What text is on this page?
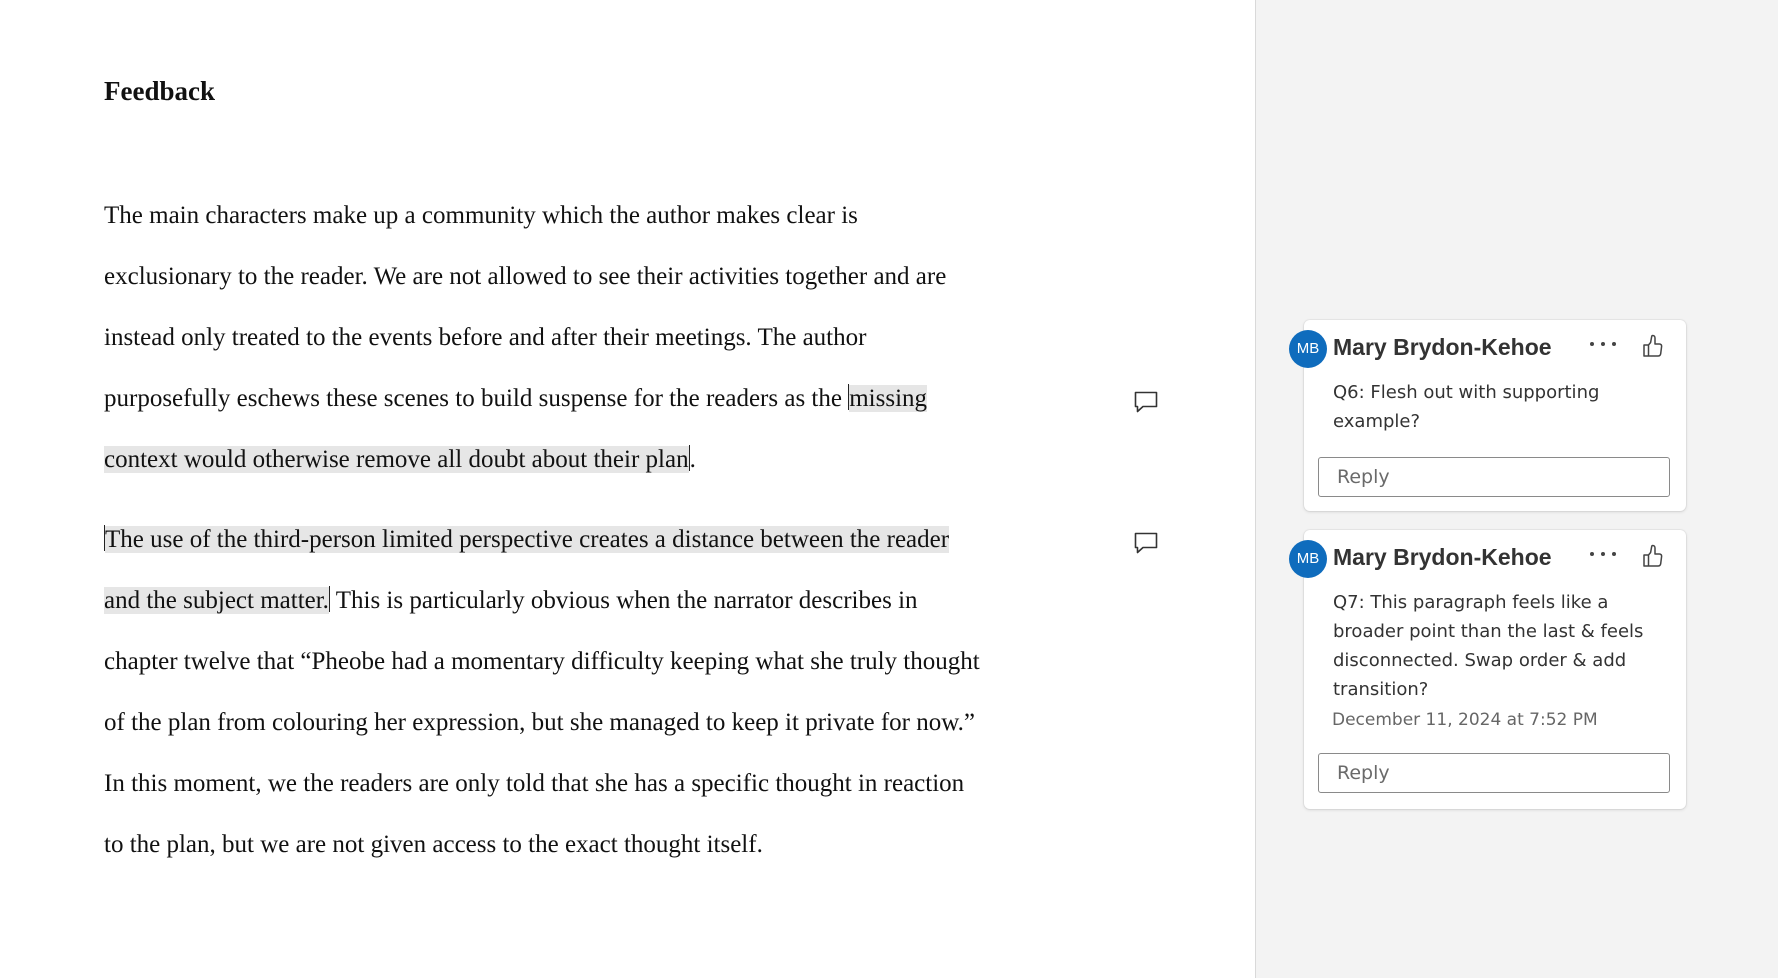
Feedback

The main characters make up a community which the author makes clear is
exclusionary to the reader. We are not allowed to see their activities together and are
instead only treated to the events before and after their meetings. The author
purposefully eschews these scenes to build suspense for the readers as the missing
context would otherwise remove all doubt about their plan.

The use of the third-person limited perspective creates a distance between the reader
and the subject matter. This is particularly obvious when the narrator describes in
chapter twelve that “Pheobe had a momentary difficulty keeping what she truly thought
of the plan from colouring her expression, but she managed to keep it private for now.”
In this moment, we the readers are only told that she has a specific thought in reaction
to the plan, but we are not given access to the exact thought itself.

MB Mary Brydon-Kehoe

Q6: Flesh out with supporting example?

Reply
MB Mary Brydon-Kehoe

Q7: This paragraph feels like a broader point than the last & feels disconnected. Swap order & add transition?

December 11, 2024 at 7:52 PM
Reply
